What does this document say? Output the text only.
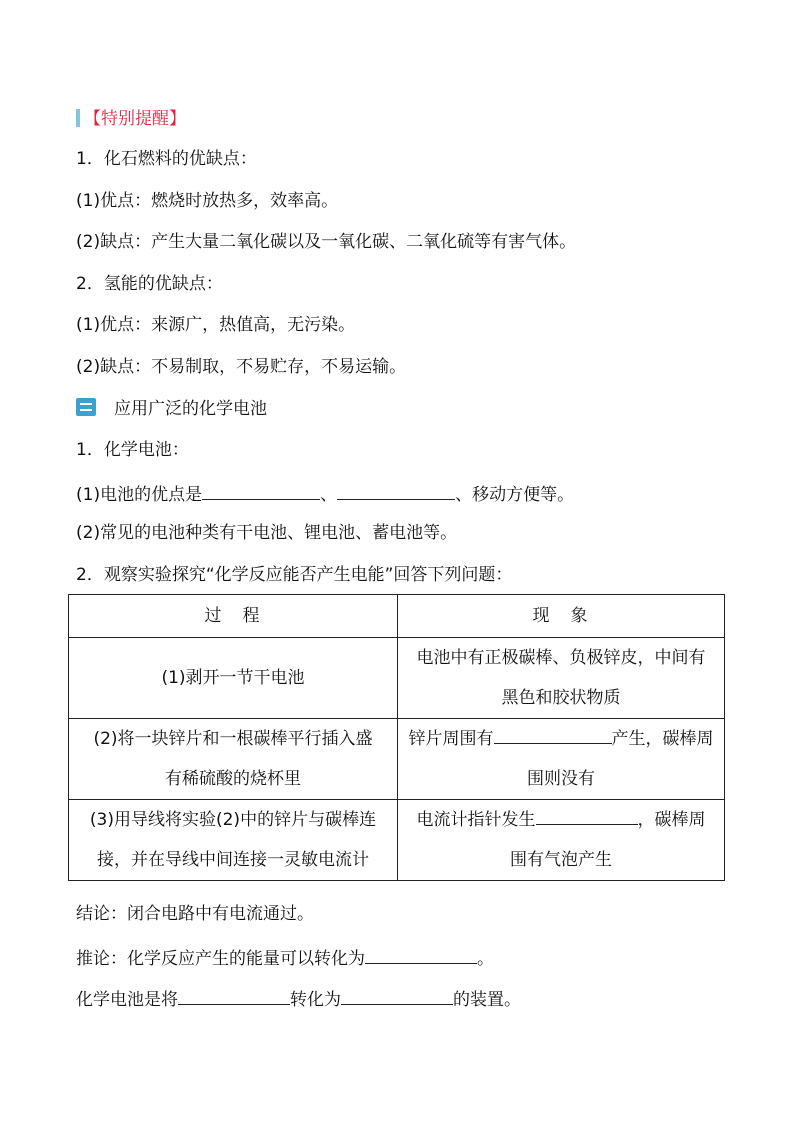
【特别提醒】
1．化石燃料的优缺点：
(1)优点：燃烧时放热多，效率高。
(2)缺点：产生大量二氧化碳以及一氧化碳、二氧化硫等有害气体。
2．氢能的优缺点：
(1)优点：来源广，热值高，无污染。
(2)缺点：不易制取，不易贮存，不易运输。
应用广泛的化学电池
1．化学电池：
(1)电池的优点是	、	、移动方便等。
(2)常见的电池种类有干电池、锂电池、蓄电池等。
2．观察实验探究“化学反应能否产生电能”回答下列问题：
过　程	现　象
(1)剥开一节干电池	电池中有正极碳棒、负极锌皮，中间有
黑色和胶状物质
(2)将一块锌片和一根碳棒平行插入盛
有稀硫酸的烧杯里	锌片周围有 产生，碳棒周
围则没有
(3)用导线将实验(2)中的锌片与碳棒连
接，并在导线中间连接一灵敏电流计	电流计指针发生 ，碳棒周
围有气泡产生
结论：闭合电路中有电流通过。
推论：化学反应产生的能量可以转化为	。
化学电池是将	转化为	的装置。
